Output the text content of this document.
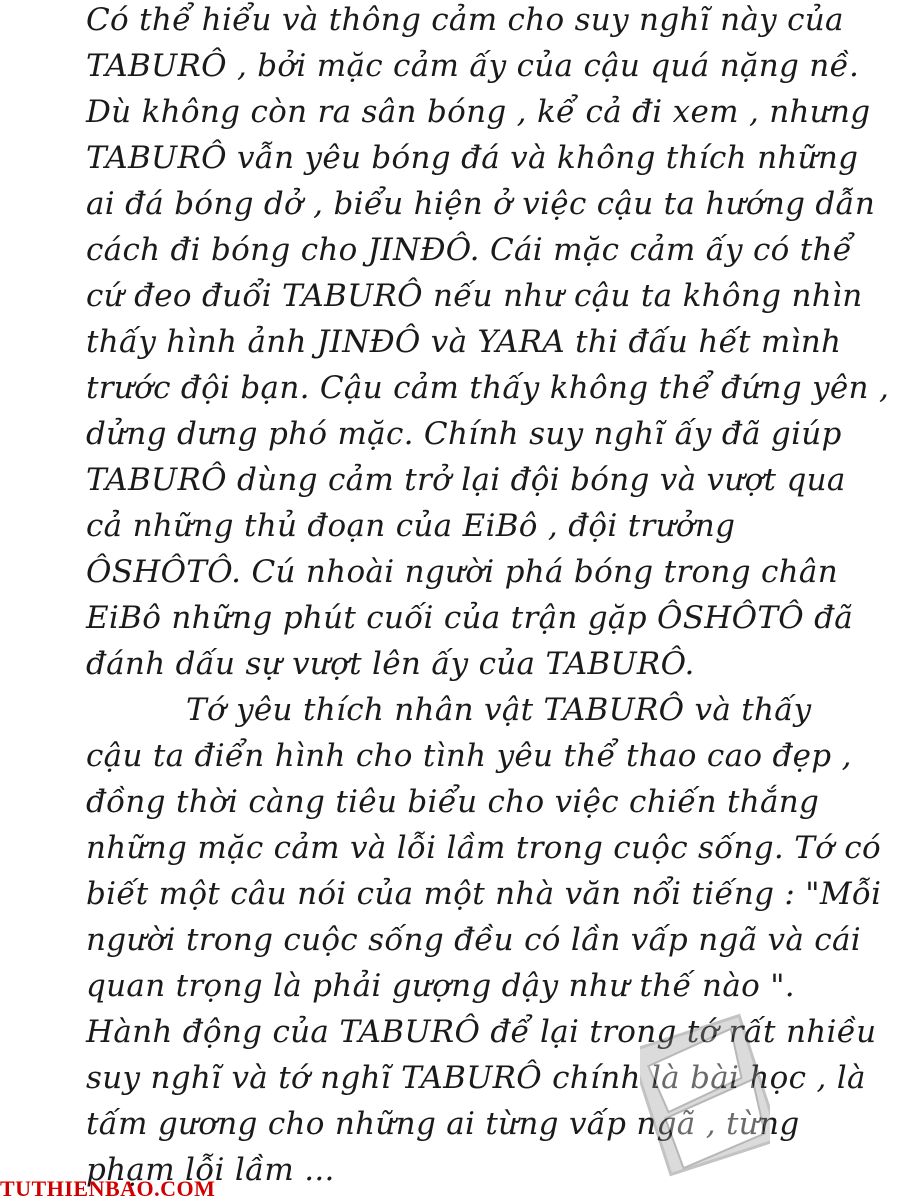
Có thể hiểu và thông cảm cho suy nghĩ này của
TABURÔ , bởi mặc cảm ấy của cậu quá nặng nề.
Dù không còn ra sân bóng , kể cả đi xem , nhưng
TABURÔ vẫn yêu bóng đá và không thích những
ai đá bóng dở , biểu hiện ở việc cậu ta hướng dẫn
cách đi bóng cho JINĐÔ. Cái mặc cảm ấy có thể
cứ đeo đuổi TABURÔ nếu như cậu ta không nhìn
thấy hình ảnh JINĐÔ và YARA thi đấu hết mình
trước đội bạn. Cậu cảm thấy không thể đứng yên ,
dửng dưng phó mặc. Chính suy nghĩ ấy đã giúp
TABURÔ dùng cảm trở lại đội bóng và vượt qua
cả những thủ đoạn của EiBô , đội trưởng
ÔSHÔTÔ. Cú nhoài người phá bóng trong chân
EiBô những phút cuối của trận gặp ÔSHÔTÔ đã
đánh dấu sự vượt lên ấy của TABURÔ.
Tớ yêu thích nhân vật TABURÔ và thấy
cậu ta điển hình cho tình yêu thể thao cao đẹp ,
đồng thời càng tiêu biểu cho việc chiến thắng
những mặc cảm và lỗi lầm trong cuộc sống. Tớ có
biết một câu nói của một nhà văn nổi tiếng : "Mỗi
người trong cuộc sống đều có lần vấp ngã và cái
quan trọng là phải gượng dậy như thế nào ".
Hành động của TABURÔ để lại trong tớ rất nhiều
suy nghĩ và tớ nghĩ TABURÔ chính là bài học , là
tấm gương cho những ai từng vấp ngã , từng
phạm lỗi lầm ...
TUTHIENBAO.COM
